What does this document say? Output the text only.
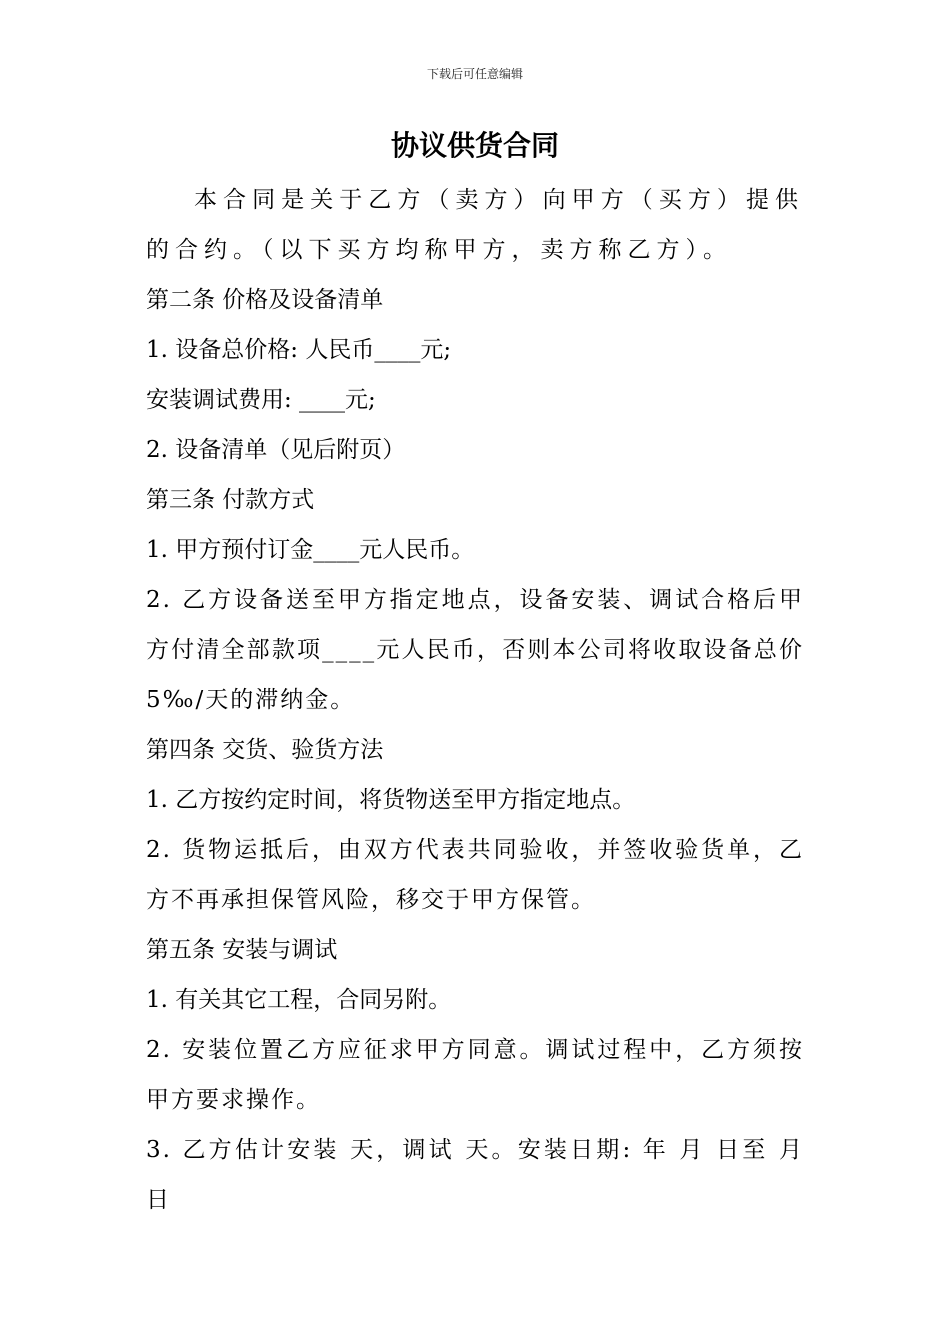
下载后可任意编辑
协议供货合同

本合同是关于乙方（卖方）向甲方（买方）提供的合约。（以下买方均称甲方，卖方称乙方）。

第二条 价格及设备清单

1. 设备总价格: 人民币____元;

安装调试费用: ____元;

2. 设备清单（见后附页）

第三条 付款方式

1. 甲方预付订金____元人民币。

2. 乙方设备送至甲方指定地点，设备安装、调试合格后甲方付清全部款项____元人民币，否则本公司将收取设备总价 5‰/天的滞纳金。

第四条 交货、验货方法

1. 乙方按约定时间，将货物送至甲方指定地点。

2. 货物运抵后，由双方代表共同验收，并签收验货单，乙方不再承担保管风险，移交于甲方保管。

第五条 安装与调试

1. 有关其它工程，合同另附。

2. 安装位置乙方应征求甲方同意。调试过程中，乙方须按甲方要求操作。

3. 乙方估计安装 天，调试 天。安装日期: 年 月 日至 月 日
